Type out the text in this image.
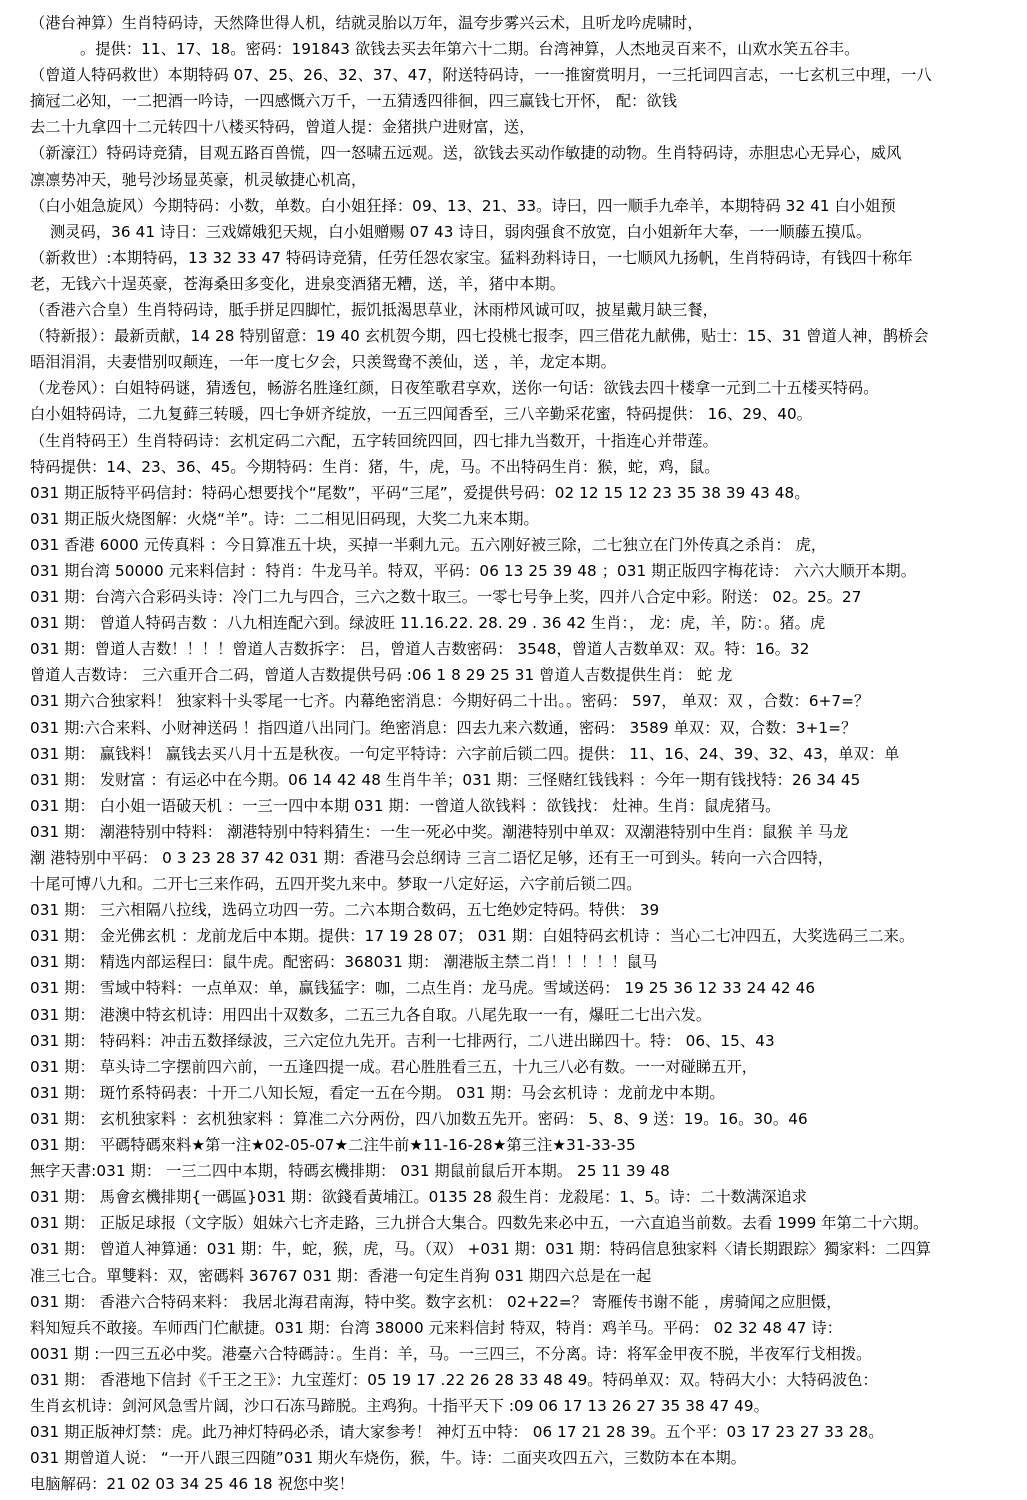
（港台神算）生肖特码诗，天然降世得人机，结就灵胎以万年，温夸步雾兴云术，且听龙吟虎啸时，
。提供：11、17、18。密码：191843 欲钱去买去年第六十二期。台湾神算，人杰地灵百来不，山欢水笑五谷丰。
（曾道人特码救世）本期特码 07、25、26、32、37、47，附送特码诗，一一推窗赏明月，一三托词四言志，一七玄机三中理，一八
摘冠二必知，一二把酒一吟诗，一四感慨六万千，一五猜透四徘徊，四三赢钱七开怀， 配：欲钱
去二十九拿四十二元转四十八楼买特码，曾道人提：金猪拱户进财富，送，
（新濠江）特码诗竞猜，目观五路百兽慌，四一怒啸五远观。送，欲钱去买动作敏捷的动物。生肖特码诗，赤胆忠心无异心，威风
凛凛势冲天，驰号沙场显英豪，机灵敏捷心机高，
（白小姐急旋风）今期特码：小数，单数。白小姐狂择：09、13、21、33。诗曰，四一顺手九牵羊，本期特码 32 41 白小姐预
测灵码，36 41 诗日：三戏嫦娥犯天规，白小姐赠赐 07 43 诗日，弱肉强食不放宽，白小姐新年大奉，一一顺藤五摸瓜。
（新救世）:本期特码，13 32 33 47 特码诗竞猜，任劳任怨农家宝。猛料劲料诗日，一七顺风九扬帆，生肖特码诗，有钱四十称年
老，无钱六十逞英豪，苍海桑田多变化，进泉变酒猪无糟，送，羊，猪中本期。
（香港六合皇）生肖特码诗，胝手拼足四脚忙，振饥抵渴思草业，沐雨栉风诚可叹，披星戴月缺三餐，
（特新报）：最新贡献，14 28 特别留意：19 40 玄机贺今期，四七投桃七报李，四三借花九献佛，贴士：15、31 曾道人神，鹊桥会
晤泪涓涓，夫妻惜别叹颠连，一年一度七夕会，只羡鸳鸯不羡仙，送 ，羊，龙定本期。
（龙卷风）：白姐特码谜，猜透包，畅游名胜逢红颜，日夜笙歌君享欢，送你一句话：欲钱去四十楼拿一元到二十五楼买特码。
白小姐特码诗，二九复藓三转暖，四七争妍齐绽放，一五三四闻香至，三八辛勤采花蜜，特码提供： 16、29、40。
（生肖特码王）生肖特码诗：玄机定码二六配，五字转回统四回，四七排九当数开，十指连心并带莲。
特码提供：14、23、36、45。今期特码：生肖：猪，牛，虎，马。不出特码生肖：猴，蛇，鸡，鼠。
031 期正版特平码信封：特码心想要找个“尾数”，平码“三尾”，爱提供号码：02 12 15 12 23 35 38 39 43 48。
031 期正版火烧图解：火烧“羊”。诗：二二相见旧码现，大奖二九来本期。
031 香港 6000 元传真料 ：今日算准五十块，买掉一半剩九元。五六刚好被三除，二七独立在门外传真之杀肖： 虎，
031 期台湾 50000 元来料信封 ：特肖：牛龙马羊。特双，平码：06 13 25 39 48 ；031 期正版四字梅花诗： 六六大顺开本期。
031 期：台湾六合彩码头诗：冷门二九与四合，三六之数十取三。一零七号争上奖，四并八合定中彩。附送： 02。25。27
031 期： 曾道人特码吉数 ：八九相连配六到。绿波旺 11.16.22. 28. 29 . 36 42 生肖：， 龙：虎，羊，防：。猪。虎
031 期：曾道人吉数！！！！曾道人吉数拆字： 吕，曾道人吉数密码： 3548，曾道人吉数单双：双。特：16。32
曾道人吉数诗： 三六重开合二码，曾道人吉数提供号码 :06 1 8 29 25 31 曾道人吉数提供生肖： 蛇 龙
031 期六合独家料！ 独家料十头零尾一七齐。内幕绝密消息：今期好码二十出。。密码： 597， 单双：双 ，合数：6+7=？
031 期:六合来料、小财神送码 ！指四道八出同门。绝密消息：四去九来六数通，密码： 3589 单双：双，合数：3+1=？
031 期： 赢钱料！ 赢钱去买八月十五是秋夜。一句定平特诗：六字前后锁二四。提供： 11、16、24、39、32、43，单双：单
031 期： 发财富 ：有运必中在今期。06 14 42 48 生肖牛羊；031 期：三怪赌红钱钱料 ：今年一期有钱找特：26 34 45
031 期： 白小姐一语破天机 ：一三一四中本期 031 期：一曾道人欲钱料 ：欲钱找： 灶神。生肖：鼠虎猪马。
031 期： 潮港特别中特料： 潮港特别中特料猜生：一生一死必中奖。潮港特别中单双：双潮港特别中生肖：鼠猴 羊 马龙
潮 港特别中平码： 0 3 23 28 37 42 031 期：香港马会总纲诗 三言二语忆足够，还有王一可到头。转向一六合四特，
十尾可博八九和。二开七三来作码，五四开奖九来中。梦取一八定好运，六字前后锁二四。
031 期： 三六相隔八拉线，选码立功四一劳。二六本期合数码，五七绝妙定特码。特供： 39
031 期： 金光佛玄机 ：龙前龙后中本期。提供：17 19 28 07； 031 期：白姐特码玄机诗 ：当心二七冲四五，大奖选码三二来。
031 期： 精选内部运程曰：鼠牛虎。配密码：368031 期： 潮港版主禁二肖！！！！！鼠马
031 期： 雪域中特料：一点单双：单，赢钱猛字：咖，二点生肖：龙马虎。雪域送码： 19 25 36 12 33 24 42 46
031 期： 港澳中特玄机诗：用四出十双数多，二五三九各自取。八尾先取一一有，爆旺二七出六发。
031 期： 特码料：冲击五数择绿波，三六定位九先开。吉利一七排两行，二八进出睇四十。特： 06、15、43
031 期： 草头诗二字摆前四六前，一五逢四提一成。君心胜胜看三五，十九三八必有数。一一对碰睇五开，
031 期： 斑竹系特码表：十开二八知长短，看定一五在今期。 031 期：马会玄机诗 ：龙前龙中本期。
031 期： 玄机独家料 ：玄机独家料 ：算准二六分两份，四八加数五先开。密码： 5、8、9 送：19。16。30。46
031 期： 平碼特碼來料★第一注★02-05-07★二注牛前★11-16-28★第三注★31-33-35
無字天書:031 期： 一三二四中本期，特碼玄機排期： 031 期鼠前鼠后开本期。 25 11 39 48
031 期： 馬會玄機排期{一碼區}031 期：欲錢看黃埔江。0135 28 殺生肖：龙殺尾：1、5。诗：二十数满深追求
031 期： 正版足球报（文字版）姐妹六七齐走路，三九拼合大集合。四数先来必中五，一六直追当前数。去看 1999 年第二十六期。
031 期： 曾道人神算通：031 期：牛，蛇，猴，虎，马。（双） +031 期：031 期：特码信息独家料〈请长期跟踪〉獨家料：二四算
准三七合。單雙料：双，密碼料 36767 031 期：香港一句定生肖狗 031 期四六总是在一起
031 期： 香港六合特码来料： 我居北海君南海，特中奖。数字玄机： 02+22=？ 寄雁传书谢不能 ，虏骑闻之应胆慑，
料知短兵不敢接。车师西门伫献捷。031 期：台湾 38000 元来料信封 特双，特肖：鸡羊马。平码： 02 32 48 47 诗：
0031 期 :一四三五必中奖。港臺六合特碼詩：。生肖：羊，马。一三四三，不分离。诗：将军金甲夜不脱，半夜军行戈相拨。
031 期： 香港地下信封《千王之王》：九宝莲灯：05 19 17 .22 26 28 33 48 49。特码单双：双。特码大小：大特码波色：
生肖玄机诗：剑河风急雪片阔，沙口石冻马蹄脱。主鸡狗。十指平天下 :09 06 17 13 26 27 35 38 47 49。
031 期正版神灯禁：虎。此乃神灯特码必杀，请大家参考！ 神灯五中特： 06 17 21 28 39。五个平：03 17 23 27 33 28。
031 期曾道人说： “一开八跟三四随”031 期火车烧伤，猴，牛。诗：二面夹攻四五六，三数防本在本期。
电脑解码：21 02 03 34 25 46 18 祝您中奖！
